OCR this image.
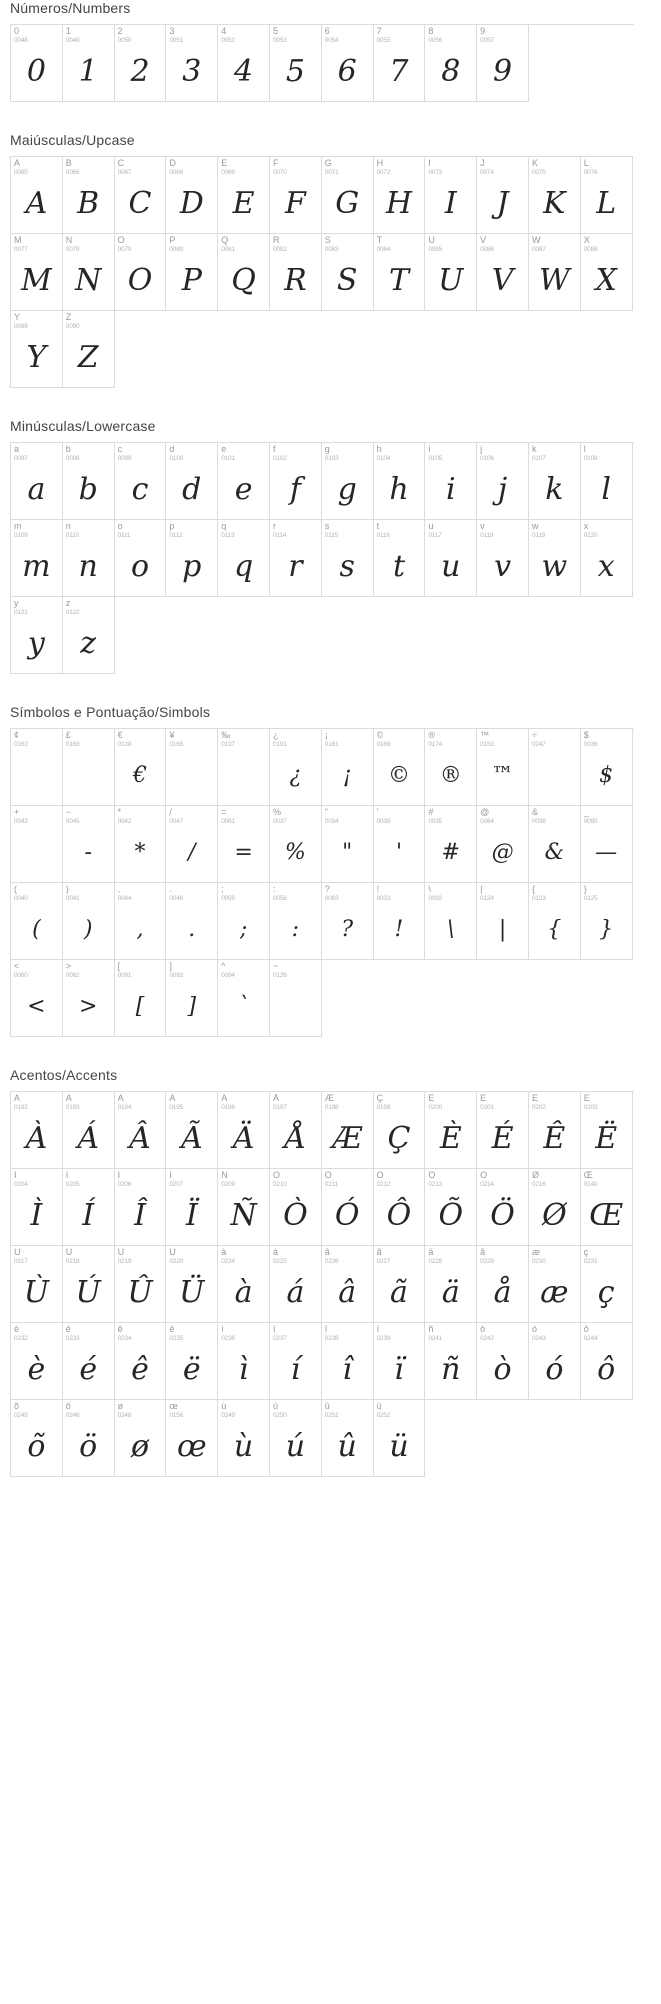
Números/Numbers
0
0048
0
1
0049
1
2
0050
2
3
0051
3
4
0052
4
5
0053
5
6
0054
6
7
0055
7
8
0056
8
9
0057
9
Maiúsculas/Upcase
A
0065
A
B
0066
B
C
0067
C
D
0068
D
E
0069
E
F
0070
F
G
0071
G
H
0072
H
I
0073
I
J
0074
J
K
0075
K
L
0076
L
M
0077
M
N
0078
N
O
0079
O
P
0080
P
Q
0081
Q
R
0082
R
S
0083
S
T
0084
T
U
0085
U
V
0086
V
W
0087
W
X
0088
X
Y
0089
Y
Z
0090
Z
Minúsculas/Lowercase
a
0097
a
b
0098
b
c
0099
c
d
0100
d
e
0101
e
f
0102
f
g
0103
g
h
0104
h
i
0105
i
j
0106
j
k
0107
k
l
0108
l
m
0109
m
n
0110
n
o
0111
o
p
0112
p
q
0113
q
r
0114
r
s
0115
s
t
0116
t
u
0117
u
v
0118
v
w
0119
w
x
0120
x
y
0121
y
z
0122
z
Símbolos e Pontuação/Simbols
¢
0162
£
0163
€
0128
€
¥
0165
‰
0137
¿
0191
¿
¡
0161
¡
©
0169
©
®
0174
®
™
0153
™
÷
0247
$
0036
$
+
0043
−
0045
-
*
0042
*
/
0047
/
=
0061
=
%
0037
%
"
0034
"
'
0039
'
#
0035
#
@
0064
@
&
0038
&
_
0095
—
(
0040
(
)
0041
)
,
0044
,
.
0046
.
;
0059
;
:
0058
:
?
0063
?
!
0033
!
\
0092
\
|
0124
|
{
0123
{
}
0125
}
<
0060
<
>
0062
>
[
0091
[
]
0093
]
^
0094
`
~
0126
Acentos/Accents
À
0192
À
Á
0193
Á
Â
0194
Â
Ã
0195
Ã
Ä
0196
Ä
Å
0197
Å
Æ
0198
Æ
Ç
0199
Ç
È
0200
È
É
0201
É
Ê
0202
Ê
Ë
0203
Ë
Ì
0204
Ì
Í
0205
Í
Î
0206
Î
Ï
0207
Ï
Ñ
0209
Ñ
Ò
0210
Ò
Ó
0211
Ó
Ô
0212
Ô
Õ
0213
Õ
Ö
0214
Ö
Ø
0216
Ø
Œ
0140
Œ
Ù
0217
Ù
Ú
0218
Ú
Û
0219
Û
Ü
0220
Ü
à
0224
à
á
0225
á
â
0226
â
ã
0227
ã
ä
0228
ä
å
0229
å
æ
0230
æ
ç
0231
ç
è
0232
è
é
0233
é
ê
0234
ê
ë
0235
ë
ì
0236
ì
í
0237
í
î
0238
î
ï
0239
ï
ñ
0241
ñ
ò
0242
ò
ó
0243
ó
ô
0244
ô
õ
0245
õ
ö
0246
ö
ø
0248
ø
œ
0156
œ
ù
0249
ù
ú
0250
ú
û
0251
û
ü
0252
ü
